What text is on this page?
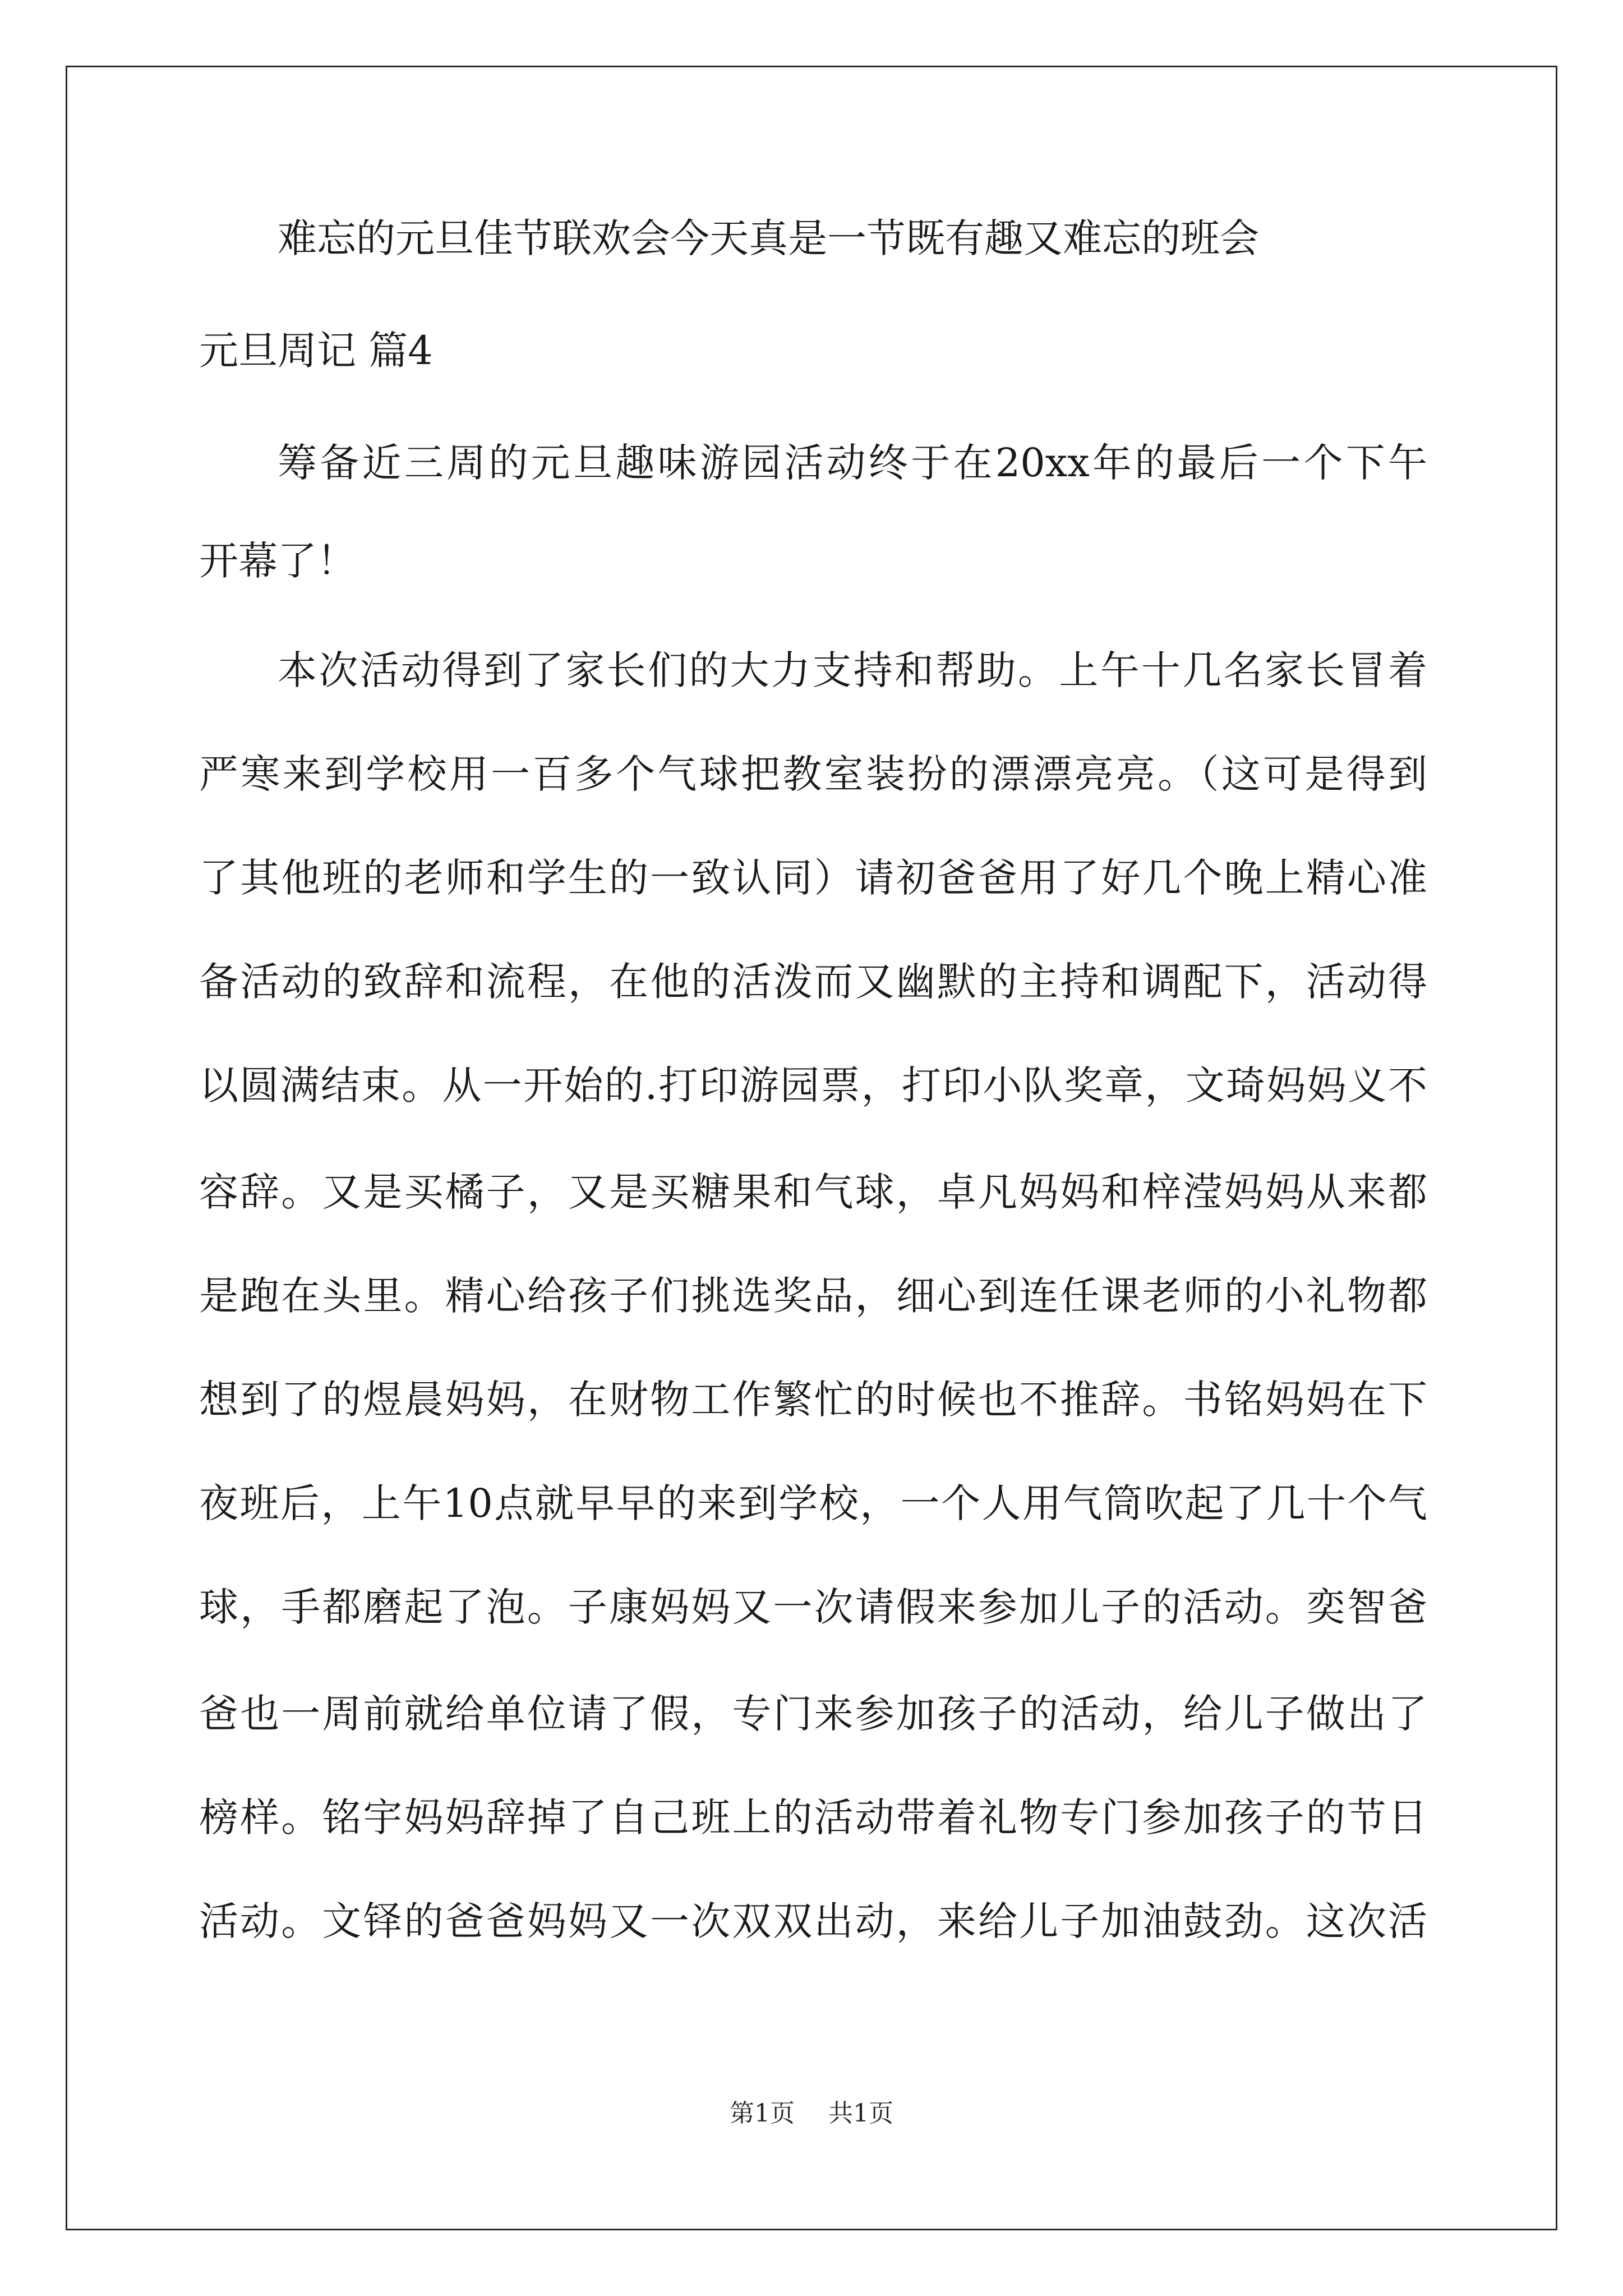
难忘的元旦佳节联欢会今天真是一节既有趣又难忘的班会
元旦周记 篇4
筹备近三周的元旦趣味游园活动终于在20xx年的最后一个下午
开幕了！
本次活动得到了家长们的大力支持和帮助。上午十几名家长冒着
严寒来到学校用一百多个气球把教室装扮的漂漂亮亮。（这可是得到
了其他班的老师和学生的一致认同）请初爸爸用了好几个晚上精心准
备活动的致辞和流程，在他的活泼而又幽默的主持和调配下，活动得
以圆满结束。从一开始的.打印游园票，打印小队奖章，文琦妈妈义不
容辞。又是买橘子，又是买糖果和气球，卓凡妈妈和梓滢妈妈从来都
是跑在头里。精心给孩子们挑选奖品，细心到连任课老师的小礼物都
想到了的煜晨妈妈，在财物工作繁忙的时候也不推辞。书铭妈妈在下
夜班后，上午10点就早早的来到学校，一个人用气筒吹起了几十个气
球，手都磨起了泡。子康妈妈又一次请假来参加儿子的活动。奕智爸
爸也一周前就给单位请了假，专门来参加孩子的活动，给儿子做出了
榜样。铭宇妈妈辞掉了自己班上的活动带着礼物专门参加孩子的节日
活动。文铎的爸爸妈妈又一次双双出动，来给儿子加油鼓劲。这次活
第1页 共1页
